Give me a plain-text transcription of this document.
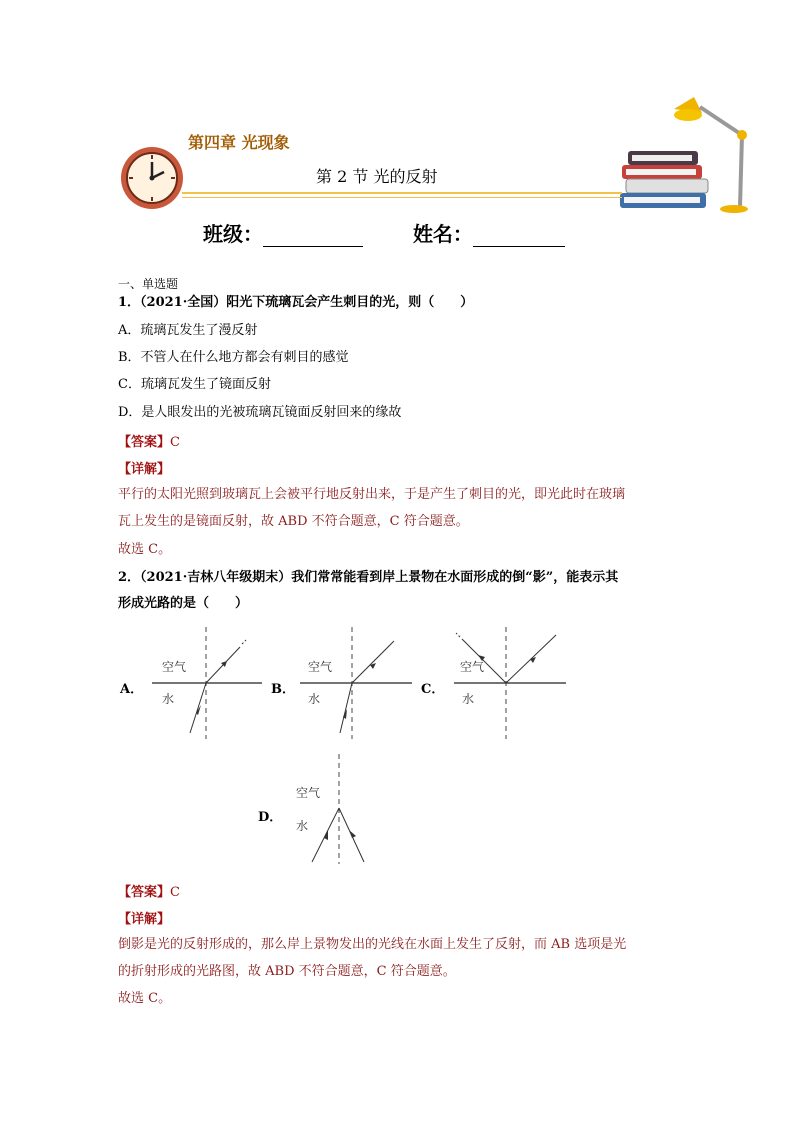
第四章 光现象
第 2 节 光的反射
班级：	姓名：
一、单选题
1．（2021·全国）阳光下琉璃瓦会产生刺目的光，则（　　）
A．琉璃瓦发生了漫反射
B．不管人在什么地方都会有刺目的感觉
C．琉璃瓦发生了镜面反射
D．是人眼发出的光被琉璃瓦镜面反射回来的缘故
【答案】C
【详解】
平行的太阳光照到玻璃瓦上会被平行地反射出来，于是产生了刺目的光，即光此时在玻璃
瓦上发生的是镜面反射，故 ABD 不符合题意，C 符合题意。
故选 C。
2．（2021·吉林八年级期末）我们常常能看到岸上景物在水面形成的倒“影”，能表示其
形成光路的是（　　）
A．
空气
水
B．
空气
水
C．
空气
水
D．
空气
水
【答案】C
【详解】
倒影是光的反射形成的，那么岸上景物发出的光线在水面上发生了反射，而 AB 选项是光
的折射形成的光路图，故 ABD 不符合题意，C 符合题意。
故选 C。
